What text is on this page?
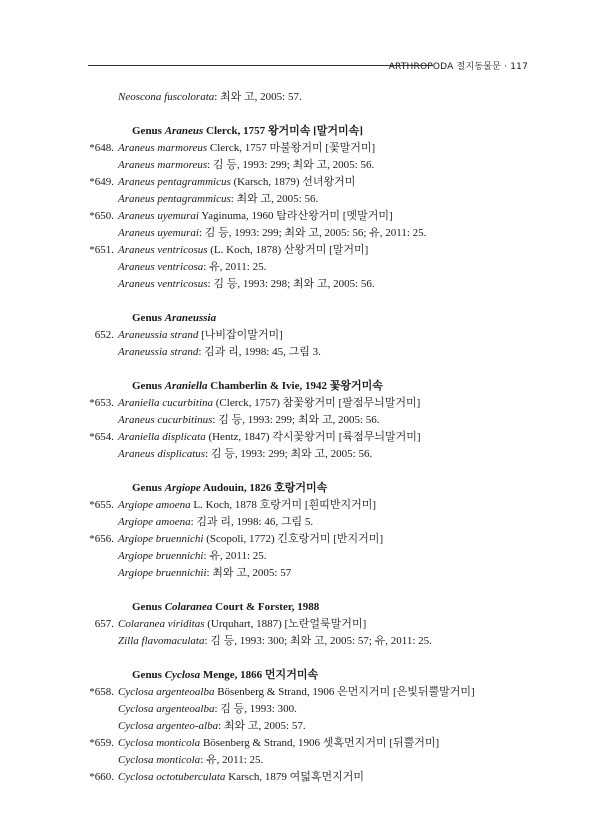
ARTHROPODA 절지동물문 · 117
Neoscona fuscolorata: 최와 고, 2005: 57.
Genus Araneus Clerck, 1757 왕거미속 [말거미속]
*648. Araneus marmoreus Clerck, 1757 마불왕거미 [꽃말거미]
Araneus marmoreus: 김 등, 1993: 299; 최와 고, 2005: 56.
*649. Araneus pentagrammicus (Karsch, 1879) 선녀왕거미
Araneus pentagrammicus: 최와 고, 2005: 56.
*650. Araneus uyemurai Yaginuma, 1960 탐라산왕거미 [멧말거미]
Araneus uyemurai: 김 등, 1993: 299; 최와 고, 2005: 56; 유, 2011: 25.
*651. Araneus ventricosus (L. Koch, 1878) 산왕거미 [말거미]
Araneus ventricosa: 유, 2011: 25.
Araneus ventricosus: 김 등, 1993: 298; 최와 고, 2005: 56.
Genus Araneussia
652. Araneussia strand [나비잡이말거미]
Araneussia strand: 김과 리, 1998: 45, 그림 3.
Genus Araniella Chamberlin & Ivie, 1942 꽃왕거미속
*653. Araniella cucurbitina (Clerck, 1757) 참꽃왕거미 [팔점무늬말거미]
Araneus cucurbitinus: 김 등, 1993: 299; 최와 고, 2005: 56.
*654. Araniella displicata (Hentz, 1847) 각시꽃왕거미 [륙점무늬말거미]
Araneus displicatus: 김 등, 1993: 299; 최와 고, 2005: 56.
Genus Argiope Audouin, 1826 호랑거미속
*655. Argiope amoena L. Koch, 1878 호랑거미 [흰띠반지거미]
Argiope amoena: 김과 리, 1998: 46, 그림 5.
*656. Argiope bruennichi (Scopoli, 1772) 긴호랑거미 [반지거미]
Argiope bruennichi: 유, 2011: 25.
Argiope bruennichii: 최와 고, 2005: 57
Genus Colaranea Court & Forster, 1988
657. Colaranea viriditas (Urquhart, 1887) [노란얼룩말거미]
Zilla flavomaculata: 김 등, 1993: 300; 최와 고, 2005: 57; 유, 2011: 25.
Genus Cyclosa Menge, 1866 먼지거미속
*658. Cyclosa argenteoalba Bösenberg & Strand, 1906 은먼지거미 [은빛뒤뿔말거미]
Cyclosa argenteoalba: 김 등, 1993: 300.
Cyclosa argenteo-alba: 최와 고, 2005: 57.
*659. Cyclosa monticola Bösenberg & Strand, 1906 셋혹먼지거미 [뒤뿔거미]
Cyclosa monticola: 유, 2011: 25.
*660. Cyclosa octotuberculata Karsch, 1879 여덟혹먼지거미
